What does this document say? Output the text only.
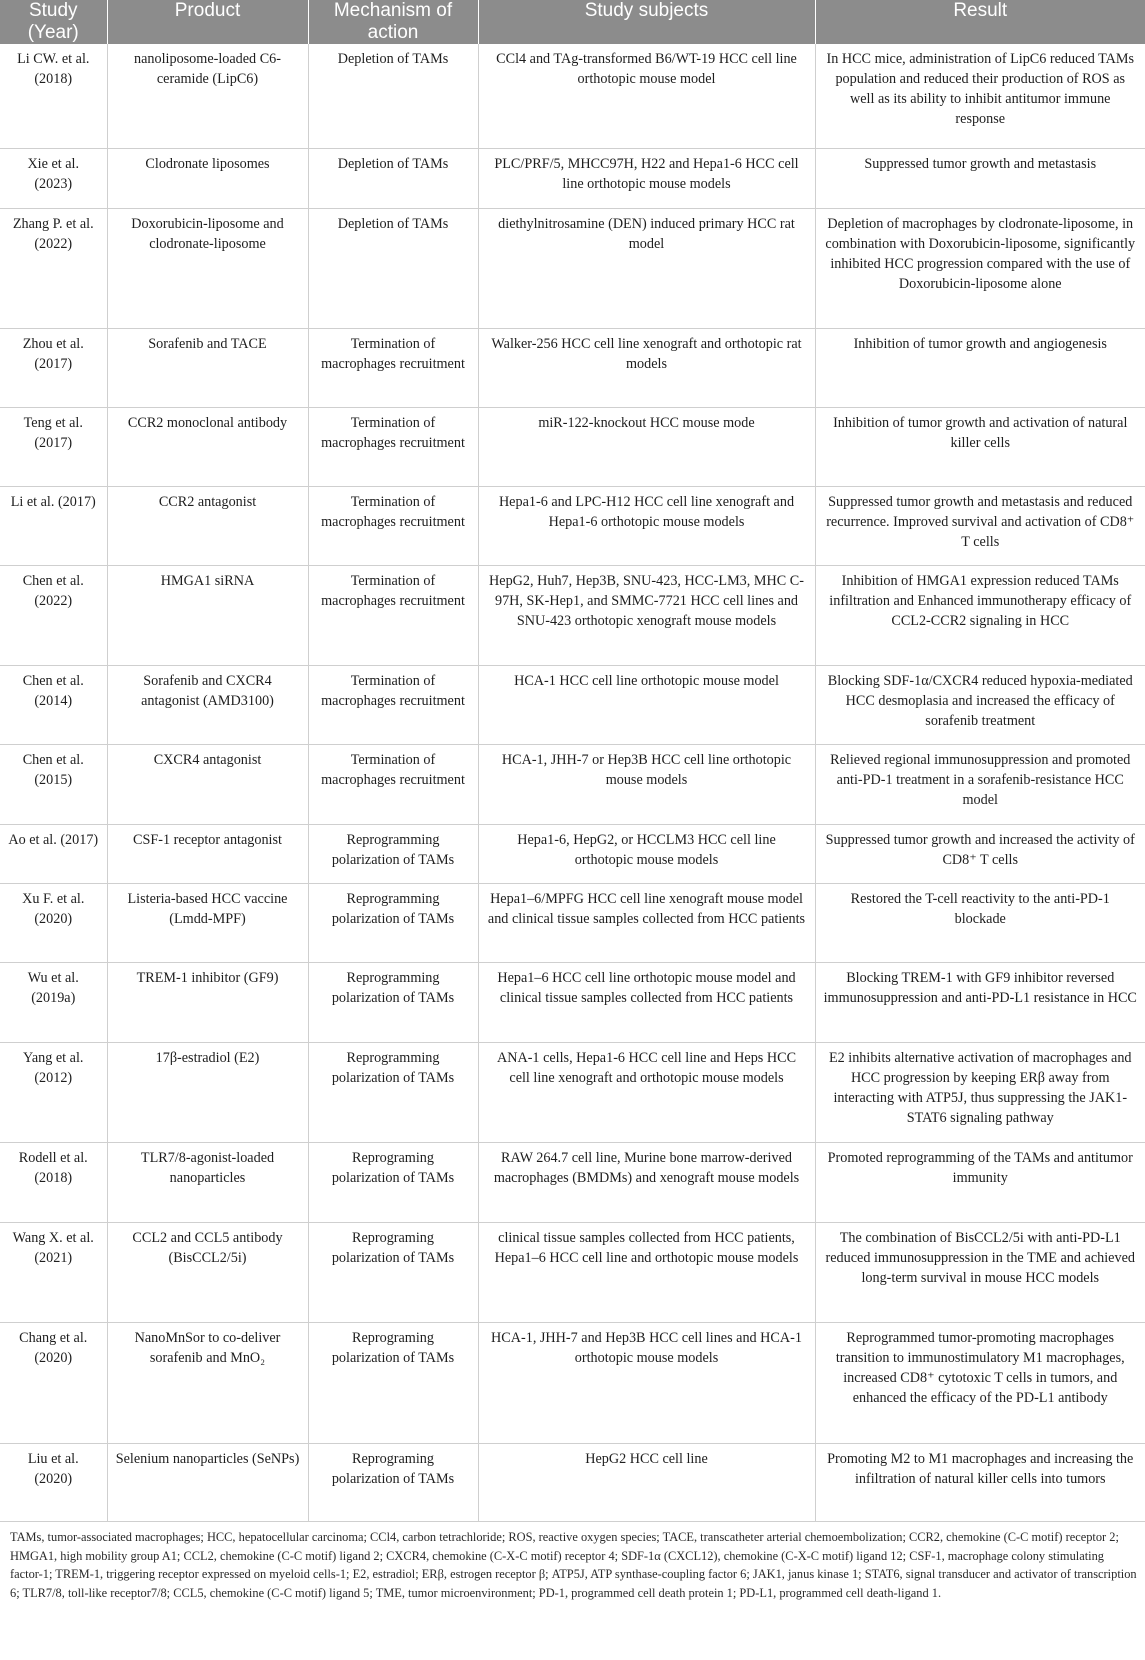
Study (Year)	Product	Mechanism of action	Study subjects	Result
Li CW. et al. (2018)	nanoliposome-loaded C6-ceramide (LipC6)	Depletion of TAMs	CCl4 and TAg-transformed B6/WT-19 HCC cell line orthotopic mouse model	In HCC mice, administration of LipC6 reduced TAMs population and reduced their production of ROS as well as its ability to inhibit antitumor immune response
Xie et al. (2023)	Clodronate liposomes	Depletion of TAMs	PLC/PRF/5, MHCC97H, H22 and Hepa1-6 HCC cell line orthotopic mouse models	Suppressed tumor growth and metastasis
Zhang P. et al. (2022)	Doxorubicin-liposome and clodronate-liposome	Depletion of TAMs	diethylnitrosamine (DEN) induced primary HCC rat model	Depletion of macrophages by clodronate-liposome, in combination with Doxorubicin-liposome, significantly inhibited HCC progression compared with the use of Doxorubicin-liposome alone
Zhou et al. (2017)	Sorafenib and TACE	Termination of macrophages recruitment	Walker-256 HCC cell line xenograft and orthotopic rat models	Inhibition of tumor growth and angiogenesis
Teng et al. (2017)	CCR2 monoclonal antibody	Termination of macrophages recruitment	miR-122-knockout HCC mouse mode	Inhibition of tumor growth and activation of natural killer cells
Li et al. (2017)	CCR2 antagonist	Termination of macrophages recruitment	Hepa1-6 and LPC-H12 HCC cell line xenograft and Hepa1-6 orthotopic mouse models	Suppressed tumor growth and metastasis and reduced recurrence. Improved survival and activation of CD8⁺ T cells
Chen et al. (2022)	HMGA1 siRNA	Termination of macrophages recruitment	HepG2, Huh7, Hep3B, SNU-423, HCC-LM3, MHC C-97H, SK-Hep1, and SMMC-7721 HCC cell lines and SNU-423 orthotopic xenograft mouse models	Inhibition of HMGA1 expression reduced TAMs infiltration and Enhanced immunotherapy efficacy of CCL2-CCR2 signaling in HCC
Chen et al. (2014)	Sorafenib and CXCR4 antagonist (AMD3100)	Termination of macrophages recruitment	HCA-1 HCC cell line orthotopic mouse model	Blocking SDF-1α/CXCR4 reduced hypoxia-mediated HCC desmoplasia and increased the efficacy of sorafenib treatment
Chen et al. (2015)	CXCR4 antagonist	Termination of macrophages recruitment	HCA-1, JHH-7 or Hep3B HCC cell line orthotopic mouse models	Relieved regional immunosuppression and promoted anti-PD-1 treatment in a sorafenib-resistance HCC model
Ao et al. (2017)	CSF-1 receptor antagonist	Reprogramming polarization of TAMs	Hepa1-6, HepG2, or HCCLM3 HCC cell line orthotopic mouse models	Suppressed tumor growth and increased the activity of CD8⁺ T cells
Xu F. et al. (2020)	Listeria-based HCC vaccine (Lmdd-MPF)	Reprogramming polarization of TAMs	Hepa1–6/MPFG HCC cell line xenograft mouse model and clinical tissue samples collected from HCC patients	Restored the T-cell reactivity to the anti-PD-1 blockade
Wu et al. (2019a)	TREM-1 inhibitor (GF9)	Reprogramming polarization of TAMs	Hepa1–6 HCC cell line orthotopic mouse model and clinical tissue samples collected from HCC patients	Blocking TREM-1 with GF9 inhibitor reversed immunosuppression and anti-PD-L1 resistance in HCC
Yang et al. (2012)	17β-estradiol (E2)	Reprogramming polarization of TAMs	ANA-1 cells, Hepa1-6 HCC cell line and Heps HCC cell line xenograft and orthotopic mouse models	E2 inhibits alternative activation of macrophages and HCC progression by keeping ERβ away from interacting with ATP5J, thus suppressing the JAK1-STAT6 signaling pathway
Rodell et al. (2018)	TLR7/8-agonist-loaded nanoparticles	Reprograming polarization of TAMs	RAW 264.7 cell line, Murine bone marrow-derived macrophages (BMDMs) and xenograft mouse models	Promoted reprogramming of the TAMs and antitumor immunity
Wang X. et al. (2021)	CCL2 and CCL5 antibody (BisCCL2/5i)	Reprograming polarization of TAMs	clinical tissue samples collected from HCC patients, Hepa1–6 HCC cell line and orthotopic mouse models	The combination of BisCCL2/5i with anti-PD-L1 reduced immunosuppression in the TME and achieved long-term survival in mouse HCC models
Chang et al. (2020)	NanoMnSor to co-deliver sorafenib and MnO₂	Reprograming polarization of TAMs	HCA-1, JHH-7 and Hep3B HCC cell lines and HCA-1 orthotopic mouse models	Reprogrammed tumor-promoting macrophages transition to immunostimulatory M1 macrophages, increased CD8⁺ cytotoxic T cells in tumors, and enhanced the efficacy of the PD-L1 antibody
Liu et al. (2020)	Selenium nanoparticles (SeNPs)	Reprograming polarization of TAMs	HepG2 HCC cell line	Promoting M2 to M1 macrophages and increasing the infiltration of natural killer cells into tumors

TAMs, tumor-associated macrophages; HCC, hepatocellular carcinoma; CCl4, carbon tetrachloride; ROS, reactive oxygen species; TACE, transcatheter arterial chemoembolization; CCR2, chemokine (C-C motif) receptor 2; HMGA1, high mobility group A1; CCL2, chemokine (C-C motif) ligand 2; CXCR4, chemokine (C-X-C motif) receptor 4; SDF-1α (CXCL12), chemokine (C-X-C motif) ligand 12; CSF-1, macrophage colony stimulating factor-1; TREM-1, triggering receptor expressed on myeloid cells-1; E2, estradiol; ERβ, estrogen receptor β; ATP5J, ATP synthase-coupling factor 6; JAK1, janus kinase 1; STAT6, signal transducer and activator of transcription 6; TLR7/8, toll-like receptor7/8; CCL5, chemokine (C-C motif) ligand 5; TME, tumor microenvironment; PD-1, programmed cell death protein 1; PD-L1, programmed cell death-ligand 1.
